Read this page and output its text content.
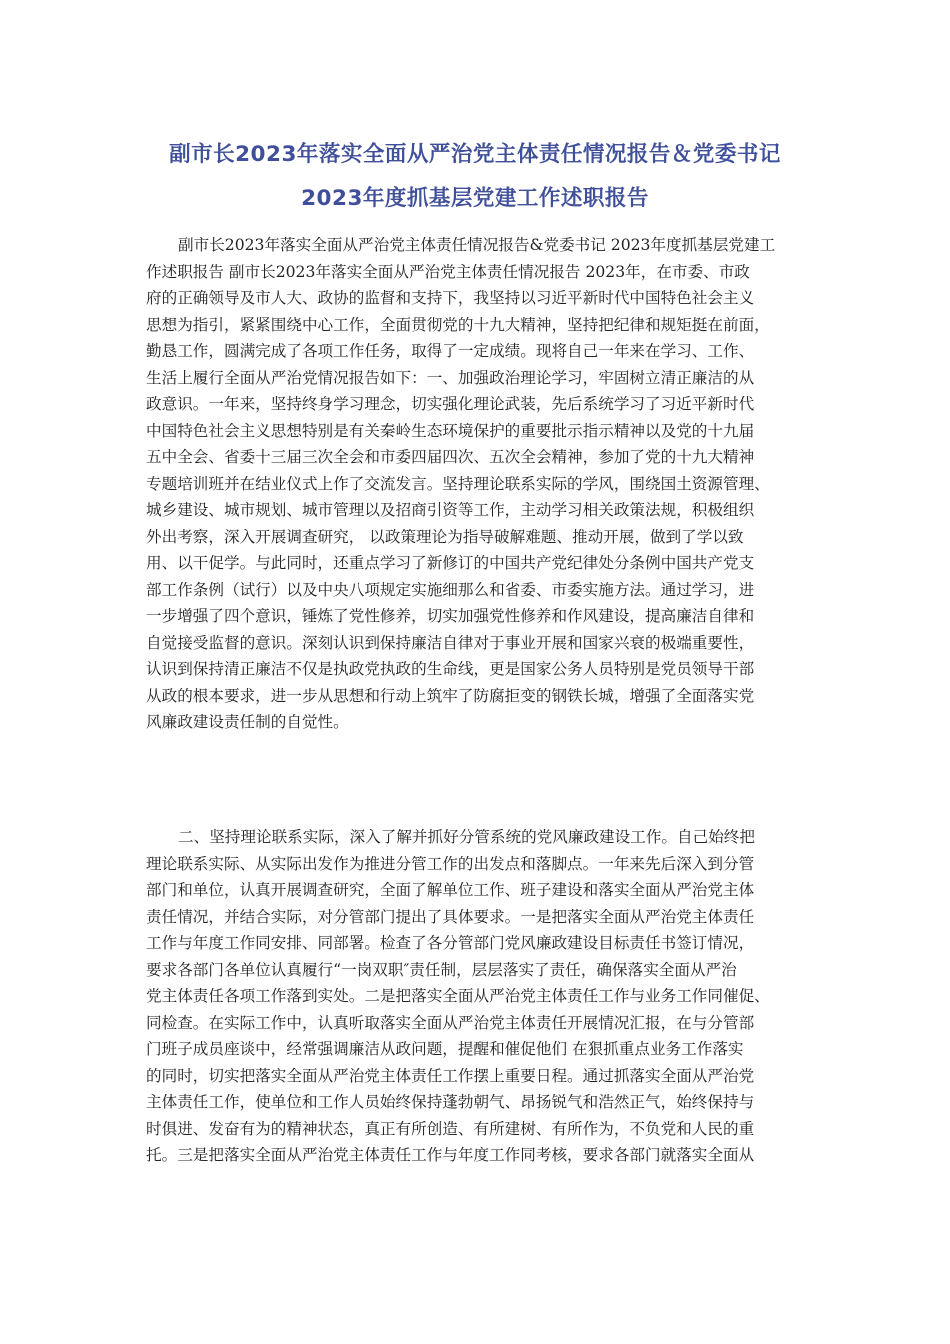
副市长2023年落实全面从严治党主体责任情况报告＆党委书记
2023年度抓基层党建工作述职报告
副市长2023年落实全面从严治党主体责任情况报告&党委书记 2023年度抓基层党建工
作述职报告 副市长2023年落实全面从严治党主体责任情况报告 2023年，在市委、市政
府的正确领导及市人大、政协的监督和支持下，我坚持以习近平新时代中国特色社会主义
思想为指引，紧紧围绕中心工作，全面贯彻党的十九大精神，坚持把纪律和规矩挺在前面，
勤恳工作，圆满完成了各项工作任务，取得了一定成绩。现将自己一年来在学习、工作、
生活上履行全面从严治党情况报告如下：一、加强政治理论学习，牢固树立清正廉洁的从
政意识。一年来，坚持终身学习理念，切实强化理论武装，先后系统学习了习近平新时代
中国特色社会主义思想特别是有关秦岭生态环境保护的重要批示指示精神以及党的十九届
五中全会、省委十三届三次全会和市委四届四次、五次全会精神，参加了党的十九大精神
专题培训班并在结业仪式上作了交流发言。坚持理论联系实际的学风，围绕国土资源管理、
城乡建设、城市规划、城市管理以及招商引资等工作，主动学习相关政策法规，积极组织
外出考察，深入开展调查研究， 以政策理论为指导破解难题、推动开展，做到了学以致
用、以干促学。与此同时，还重点学习了新修订的中国共产党纪律处分条例中国共产党支
部工作条例（试行）以及中央八项规定实施细那么和省委、市委实施方法。通过学习，进
一步增强了四个意识，锤炼了党性修养，切实加强党性修养和作风建设，提高廉洁自律和
自觉接受监督的意识。深刻认识到保持廉洁自律对于事业开展和国家兴衰的极端重要性，
认识到保持清正廉洁不仅是执政党执政的生命线，更是国家公务人员特别是党员领导干部
从政的根本要求，进一步从思想和行动上筑牢了防腐拒变的钢铁长城，增强了全面落实党
风廉政建设责任制的自觉性。
二、坚持理论联系实际，深入了解并抓好分管系统的党风廉政建设工作。自己始终把
理论联系实际、从实际出发作为推进分管工作的出发点和落脚点。一年来先后深入到分管
部门和单位，认真开展调查研究，全面了解单位工作、班子建设和落实全面从严治党主体
责任情况，并结合实际，对分管部门提出了具体要求。一是把落实全面从严治党主体责任
工作与年度工作同安排、同部署。检查了各分管部门党风廉政建设目标责任书签订情况，
要求各部门各单位认真履行“一岗双职″责任制，层层落实了责任，确保落实全面从严治
党主体责任各项工作落到实处。二是把落实全面从严治党主体责任工作与业务工作同催促、
同检查。在实际工作中，认真听取落实全面从严治党主体责任开展情况汇报，在与分管部
门班子成员座谈中，经常强调廉洁从政问题，提醒和催促他们 在狠抓重点业务工作落实
的同时，切实把落实全面从严治党主体责任工作摆上重要日程。通过抓落实全面从严治党
主体责任工作，使单位和工作人员始终保持蓬勃朝气、昂扬锐气和浩然正气，始终保持与
时俱进、发奋有为的精神状态，真正有所创造、有所建树、有所作为，不负党和人民的重
托。三是把落实全面从严治党主体责任工作与年度工作同考核，要求各部门就落实全面从
